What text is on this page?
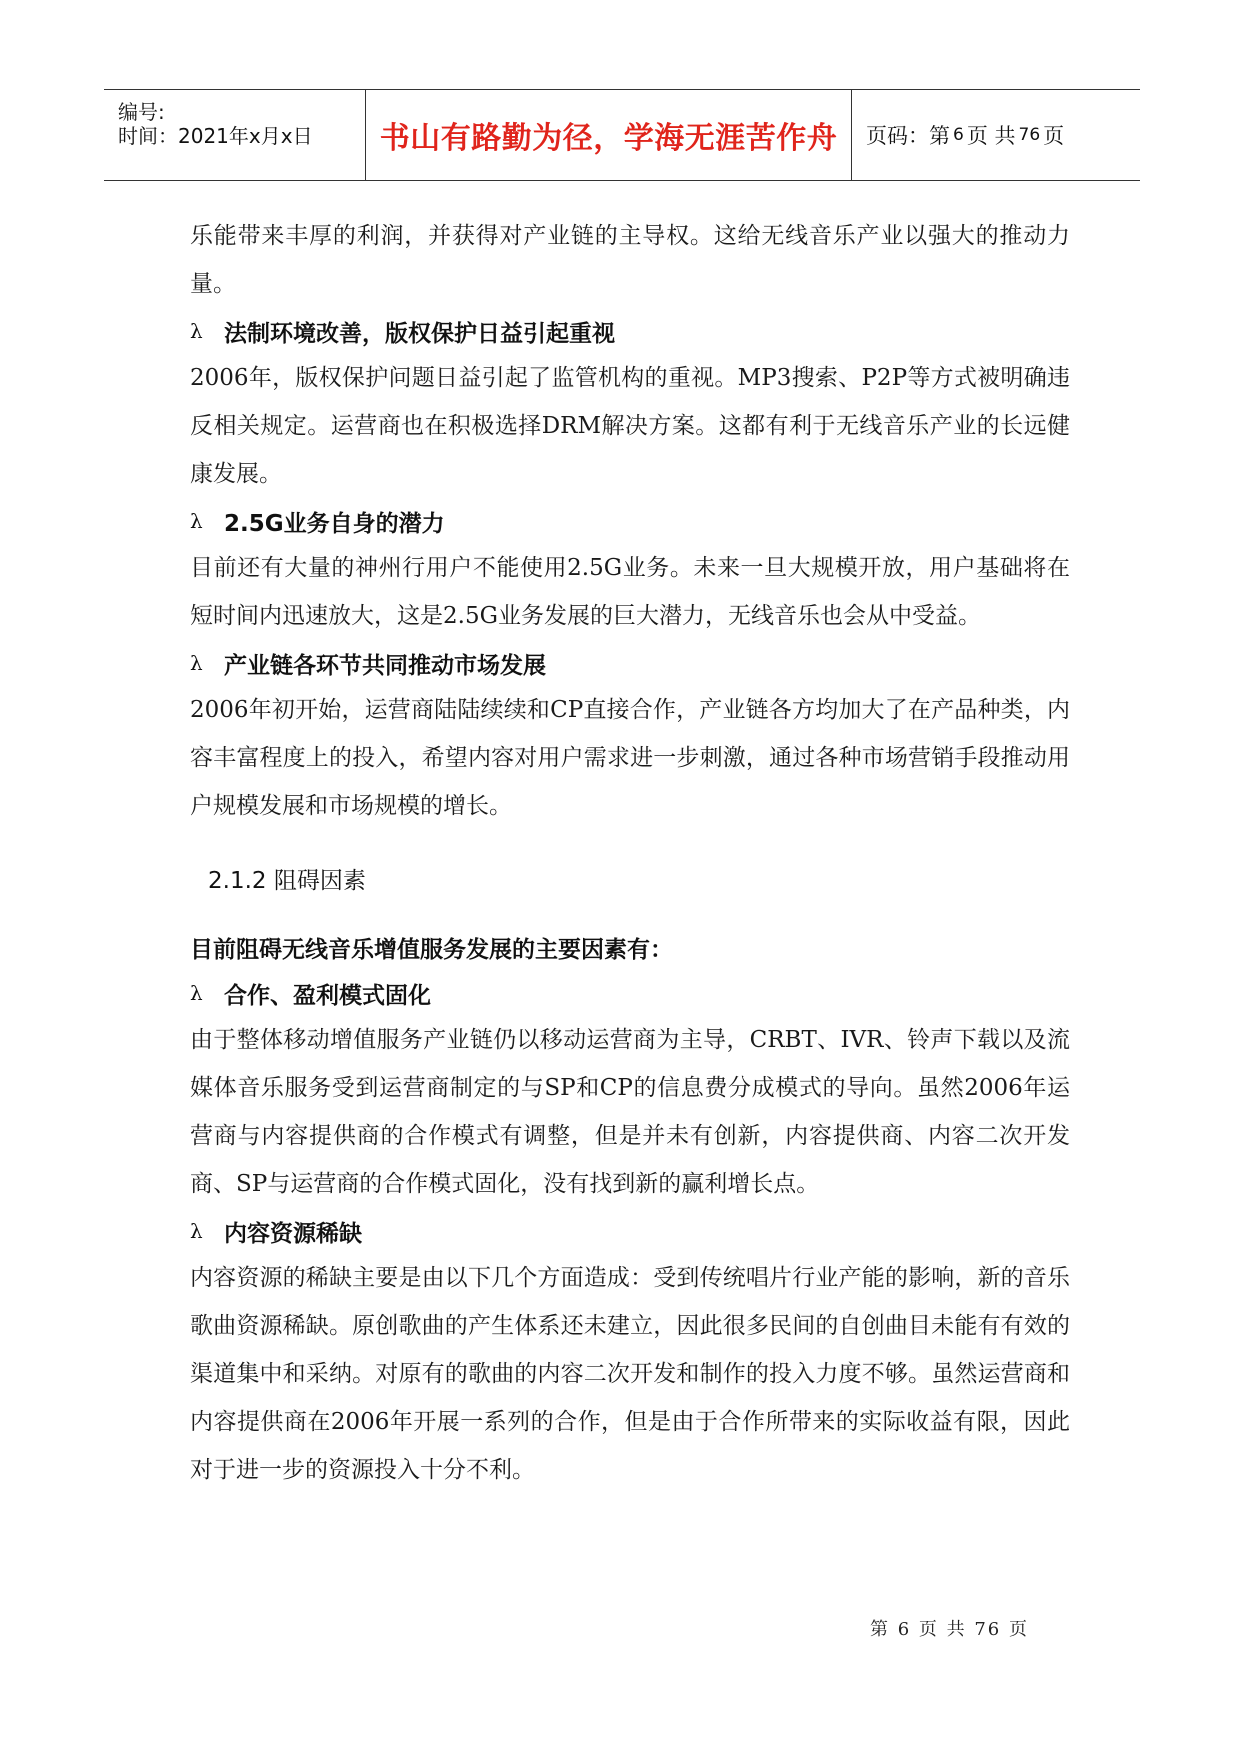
编号:
时间：2021年x月x日 书山有路勤为径，学海无涯苦作舟 页码：第 6 页 共 76 页

乐能带来丰厚的利润，并获得对产业链的主导权。这给无线音乐产业以强大的推动力量。

λ 法制环境改善，版权保护日益引起重视

2006年，版权保护问题日益引起了监管机构的重视。MP3搜索、P2P等方式被明确违反相关规定。运营商也在积极选择DRM解决方案。这都有利于无线音乐产业的长远健康发展。

λ 2.5G业务自身的潜力

目前还有大量的神州行用户不能使用2.5G业务。未来一旦大规模开放，用户基础将在短时间内迅速放大，这是2.5G业务发展的巨大潜力，无线音乐也会从中受益。

λ 产业链各环节共同推动市场发展

2006年初开始，运营商陆陆续续和CP直接合作，产业链各方均加大了在产品种类，内容丰富程度上的投入，希望内容对用户需求进一步刺激，通过各种市场营销手段推动用户规模发展和市场规模的增长。

2.1.2 阻碍因素
目前阻碍无线音乐增值服务发展的主要因素有：
λ 合作、盈利模式固化

由于整体移动增值服务产业链仍以移动运营商为主导，CRBT、IVR、铃声下载以及流媒体音乐服务受到运营商制定的与SP和CP的信息费分成模式的导向。虽然2006年运营商与内容提供商的合作模式有调整，但是并未有创新，内容提供商、内容二次开发商、SP与运营商的合作模式固化，没有找到新的赢利增长点。

λ 内容资源稀缺

内容资源的稀缺主要是由以下几个方面造成：受到传统唱片行业产能的影响，新的音乐歌曲资源稀缺。原创歌曲的产生体系还未建立，因此很多民间的自创曲目未能有有效的渠道集中和采纳。对原有的歌曲的内容二次开发和制作的投入力度不够。虽然运营商和内容提供商在2006年开展一系列的合作，但是由于合作所带来的实际收益有限，因此对于进一步的资源投入十分不利。

第 6 页 共 76 页
